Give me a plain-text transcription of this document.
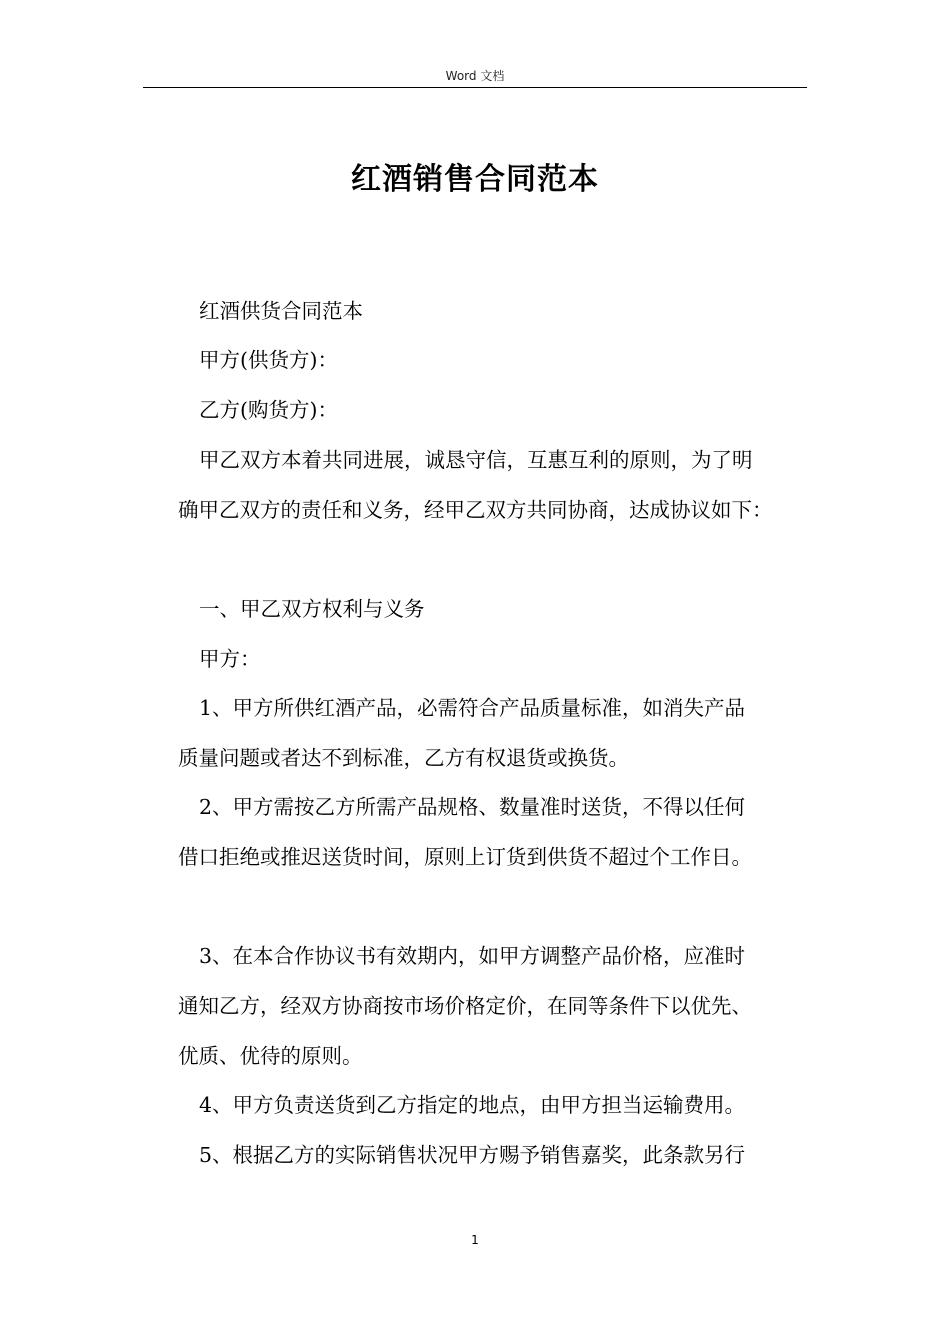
Word 文档
红酒销售合同范本
红酒供货合同范本
甲方(供货方)：
乙方(购货方)：
甲乙双方本着共同进展，诚恳守信，互惠互利的原则，为了明
确甲乙双方的责任和义务，经甲乙双方共同协商，达成协议如下：
一、甲乙双方权利与义务
甲方：
1、甲方所供红酒产品，必需符合产品质量标准，如消失产品
质量问题或者达不到标准，乙方有权退货或换货。
2、甲方需按乙方所需产品规格、数量准时送货，不得以任何
借口拒绝或推迟送货时间，原则上订货到供货不超过个工作日。
3、在本合作协议书有效期内，如甲方调整产品价格，应准时
通知乙方，经双方协商按市场价格定价，在同等条件下以优先、
优质、优待的原则。
4、甲方负责送货到乙方指定的地点，由甲方担当运输费用。
5、根据乙方的实际销售状况甲方赐予销售嘉奖，此条款另行
1
